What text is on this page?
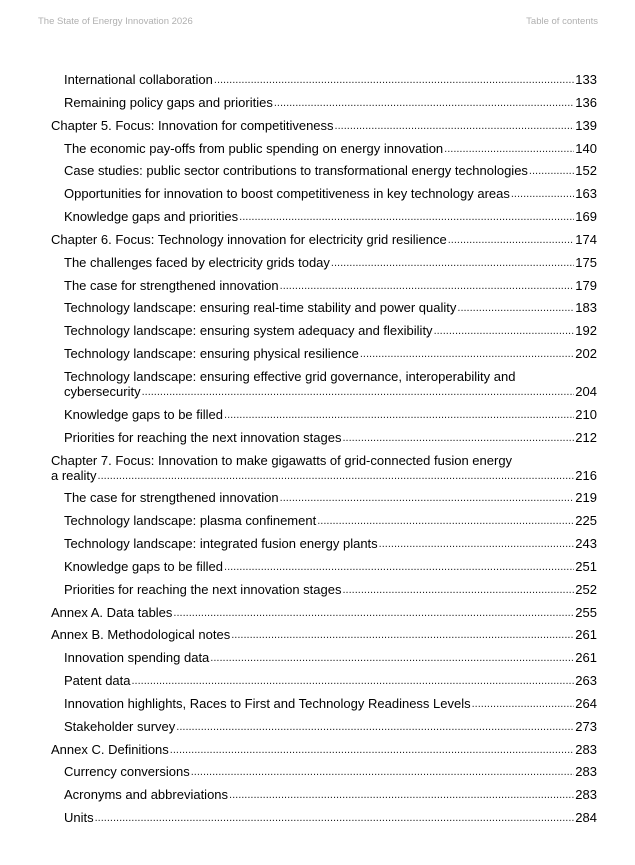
The State of Energy Innovation 2026	Table of contents
International collaboration .....	133
Remaining policy gaps and priorities .....	136
Chapter 5. Focus: Innovation for competitiveness .....	139
The economic pay-offs from public spending on energy innovation .....	140
Case studies: public sector contributions to transformational energy technologies .....	152
Opportunities for innovation to boost competitiveness in key technology areas .....	163
Knowledge gaps and priorities .....	169
Chapter 6. Focus: Technology innovation for electricity grid resilience .....	174
The challenges faced by electricity grids today .....	175
The case for strengthened innovation .....	179
Technology landscape: ensuring real-time stability and power quality .....	183
Technology landscape: ensuring system adequacy and flexibility .....	192
Technology landscape: ensuring physical resilience .....	202
Technology landscape: ensuring effective grid governance, interoperability and
cybersecurity .....	204
Knowledge gaps to be filled .....	210
Priorities for reaching the next innovation stages .....	212
Chapter 7. Focus: Innovation to make gigawatts of grid-connected fusion energy
a reality .....	216
The case for strengthened innovation .....	219
Technology landscape: plasma confinement .....	225
Technology landscape: integrated fusion energy plants .....	243
Knowledge gaps to be filled .....	251
Priorities for reaching the next innovation stages .....	252
Annex A. Data tables .....	255
Annex B. Methodological notes .....	261
Innovation spending data .....	261
Patent data .....	263
Innovation highlights, Races to First and Technology Readiness Levels .....	264
Stakeholder survey .....	273
Annex C. Definitions .....	283
Currency conversions .....	283
Acronyms and abbreviations .....	283
Units .....	284
